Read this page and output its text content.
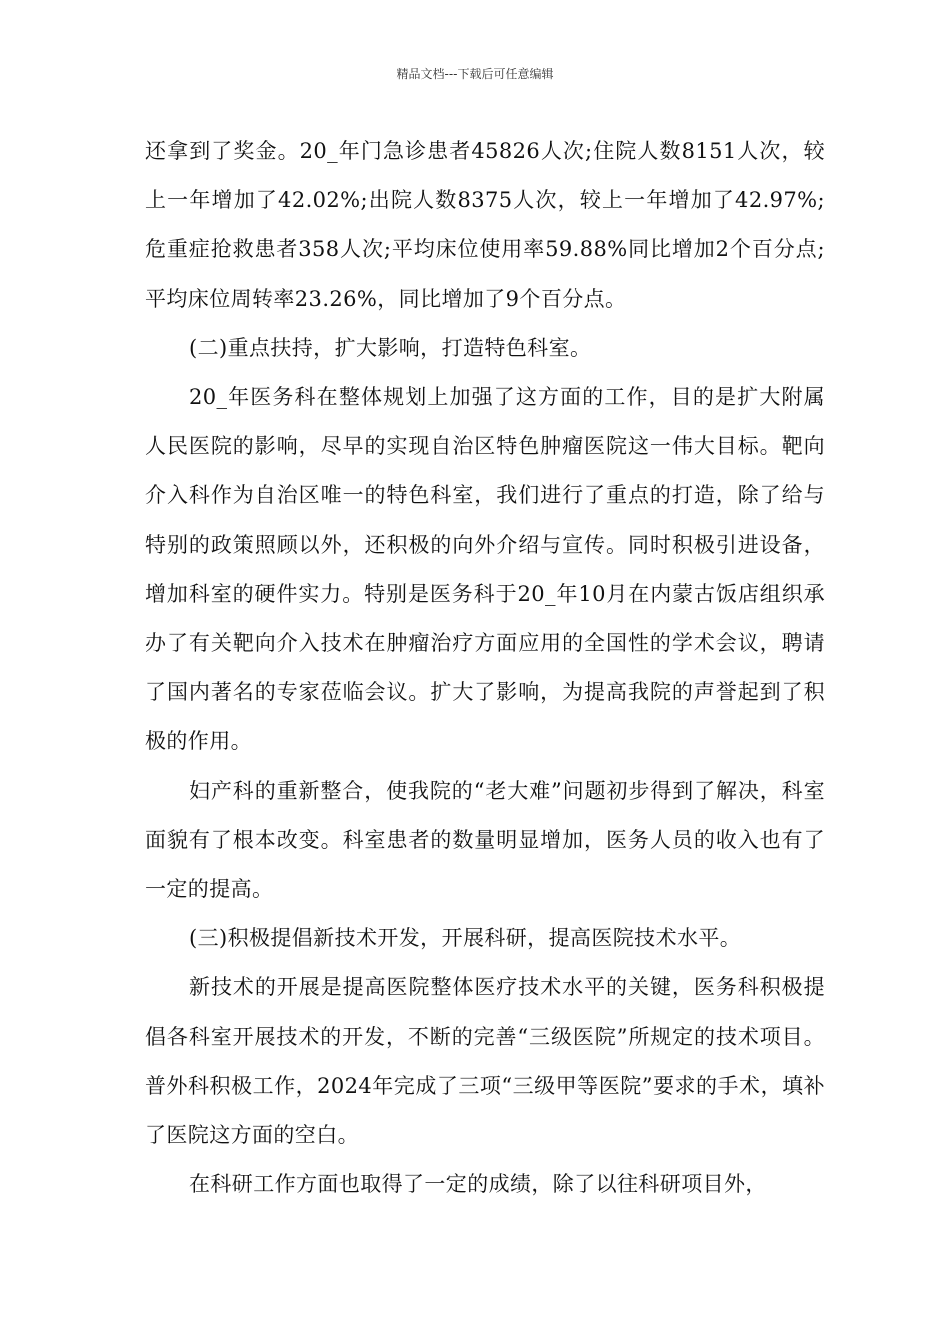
精品文档---下载后可任意编辑

还拿到了奖金。20_年门急诊患者45826人次;住院人数8151人次，较上一年增加了42.02%;出院人数8375人次，较上一年增加了42.97%;危重症抢救患者358人次;平均床位使用率59.88%同比增加2个百分点;平均床位周转率23.26%，同比增加了9个百分点。

(二)重点扶持，扩大影响，打造特色科室。

20_年医务科在整体规划上加强了这方面的工作，目的是扩大附属人民医院的影响，尽早的实现自治区特色肿瘤医院这一伟大目标。靶向介入科作为自治区唯一的特色科室，我们进行了重点的打造，除了给与特别的政策照顾以外，还积极的向外介绍与宣传。同时积极引进设备，增加科室的硬件实力。特别是医务科于20_年10月在内蒙古饭店组织承办了有关靶向介入技术在肿瘤治疗方面应用的全国性的学术会议，聘请了国内著名的专家莅临会议。扩大了影响，为提高我院的声誉起到了积极的作用。

妇产科的重新整合，使我院的“老大难”问题初步得到了解决，科室面貌有了根本改变。科室患者的数量明显增加，医务人员的收入也有了一定的提高。

(三)积极提倡新技术开发，开展科研，提高医院技术水平。

新技术的开展是提高医院整体医疗技术水平的关键，医务科积极提倡各科室开展技术的开发，不断的完善“三级医院”所规定的技术项目。普外科积极工作，2024年完成了三项“三级甲等医院”要求的手术，填补了医院这方面的空白。

在科研工作方面也取得了一定的成绩，除了以往科研项目外，
